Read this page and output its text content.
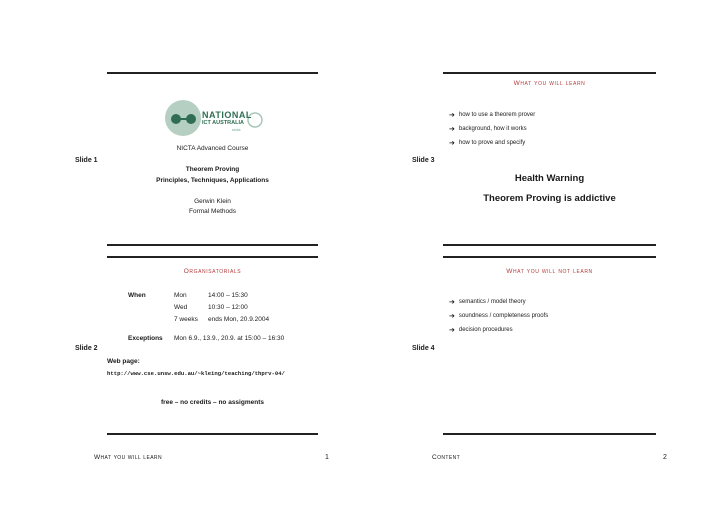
NATIONAL
ICT AUSTRALIA
nicta
NICTA Advanced Course
Slide 1
Theorem Proving
Principles, Techniques, Applications
Gerwin Klein
Formal Methods
What you will learn
➔ how to use a theorem prover
➔ background, how it works
➔ how to prove and specify
Slide 3
Health Warning
Theorem Proving is addictive
Organisatorials
When	Mon	14:00 – 15:30
	Wed	10:30 – 12:00
	7 weeks	ends Mon, 20.9.2004
Exceptions Mon 6.9., 13.9., 20.9. at 15:00 – 16:30
Slide 2
Web page:
http://www.cse.unsw.edu.au/~kleing/teaching/thprv-04/
free – no credits – no assigments
What you will not learn
➔ semantics / model theory
➔ soundness / completeness proofs
➔ decision procedures
Slide 4
What you will learn	1	Content	2
